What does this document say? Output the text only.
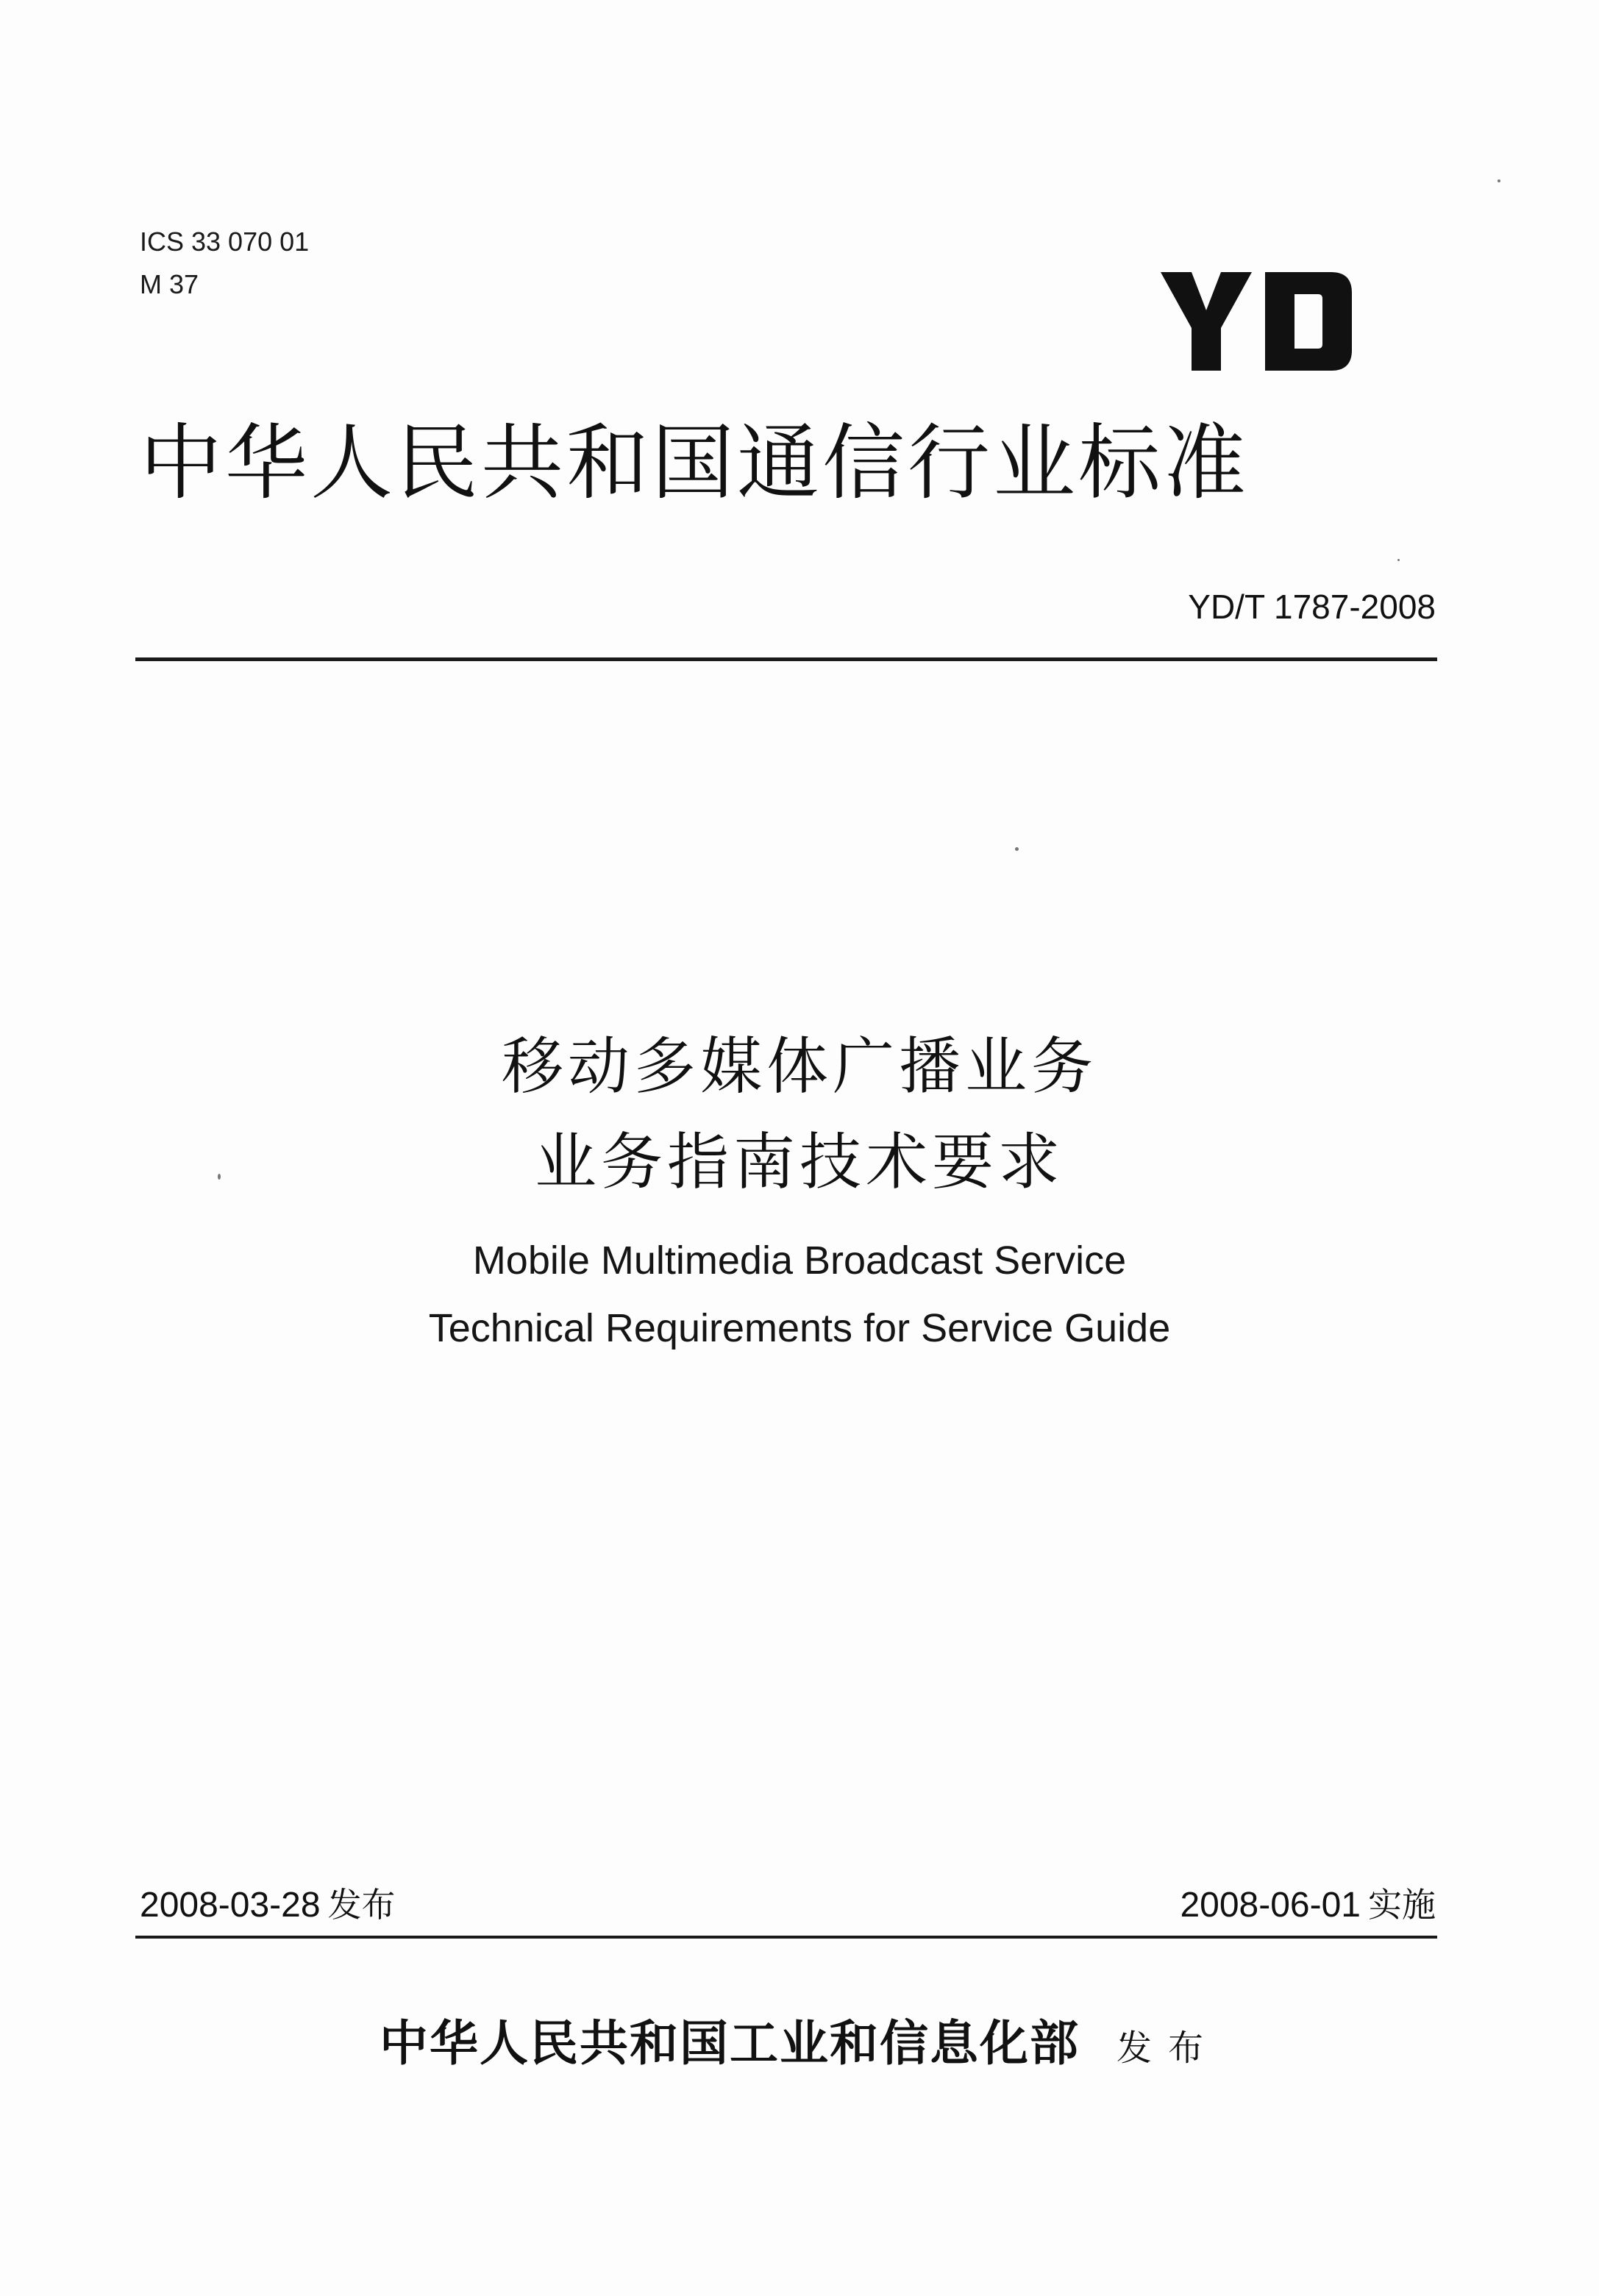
ICS 33 070 01
M 37
中华人民共和国通信行业标准
YD/T 1787-2008
移动多媒体广播业务
业务指南技术要求
Mobile Multimedia Broadcast Service
Technical Requirements for Service Guide
2008-03-28 发布	2008-06-01 实施
中华人民共和国工业和信息化部 发布
